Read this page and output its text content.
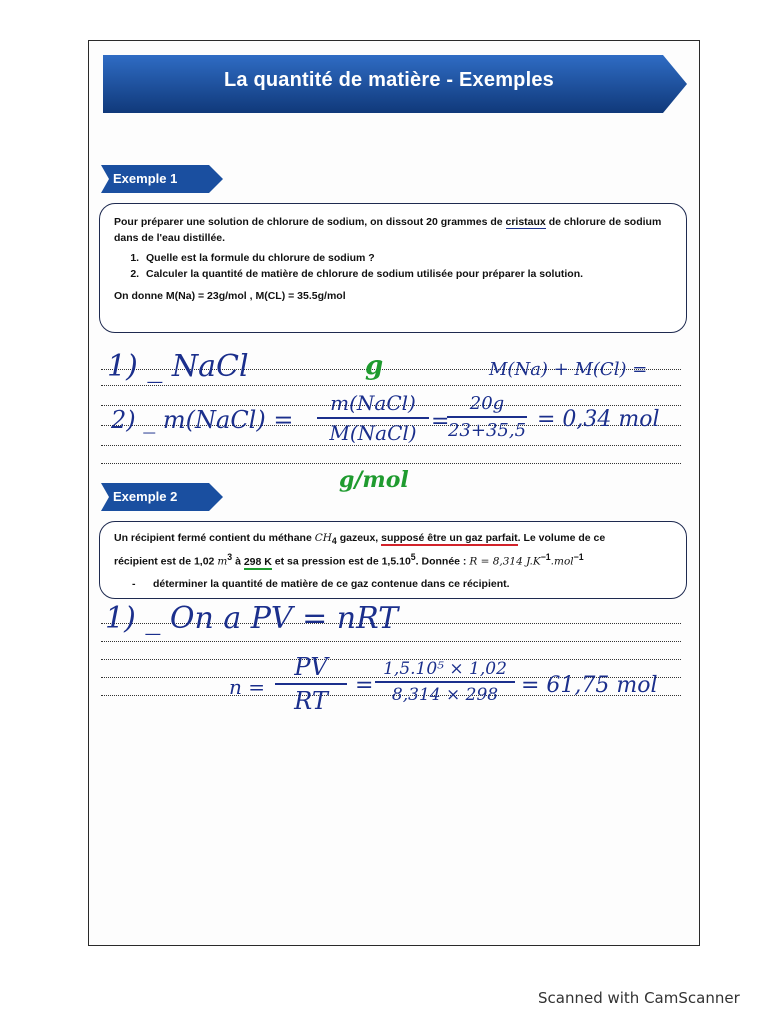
La quantité de matière - Exemples
Exemple 1

Pour préparer une solution de chlorure de sodium, on dissout 20 grammes de cristaux de chlorure de sodium dans de l'eau distillée.

1. Quelle est la formule du chlorure de sodium ?
2. Calculer la quantité de matière de chlorure de sodium utilisée pour préparer la solution.

On donne M(Na) = 23g/mol , M(CL) = 35.5g/mol

1) _ NaCl	g	M(Na) + M(Cl) =
2) _ m(NaCl) =
m(NaCl)
M(NaCl) =
20g
23+35,5 = 0,34 mol
g/mol
Exemple 2

Un récipient fermé contient du méthane $CH_4$ gazeux, supposé être un gaz parfait. Le volume de ce

récipient est de 1,02 $m^3$ à 298 K et sa pression est de 1,5.10$^5$. Donnée : R = 8,314 $J.K^{-1}.mol^{-1}$

- déterminer la quantité de matière de ce gaz contenue dans ce récipient.

1) _ On a PV = nRT
n =
PV
RT
=
1,5.10⁵ × 1,02
8,314 × 298	= 61,75 mol
Scanned with CamScanner
